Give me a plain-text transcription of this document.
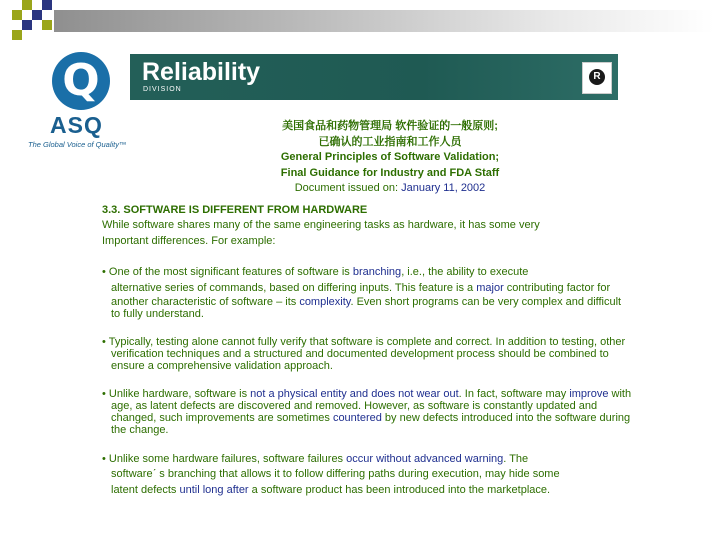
Q
ASQ
The Global Voice of Quality™
Reliability
DIVISION
R
美国食品和药物管理局 软件验证的一般原则;
已确认的工业指南和工作人员
General Principles of Software Validation;
Final Guidance for Industry and FDA Staff
Document issued on: January 11, 2002
3.3. SOFTWARE IS DIFFERENT FROM HARDWARE
While software shares many of the same engineering tasks as hardware, it has some very
Important differences. For example:
• One of the most significant features of software is branching, i.e., the ability to execute
alternative series of commands, based on differing inputs. This feature is a major contributing factor for
another characteristic of software – its complexity. Even short programs can be very complex and difficult
to fully understand.
• Typically, testing alone cannot fully verify that software is complete and correct. In addition to testing, other
verification techniques and a structured and documented development process should be combined to
ensure a comprehensive validation approach.
• Unlike hardware, software is not a physical entity and does not wear out. In fact, software may improve with
age, as latent defects are discovered and removed. However, as software is constantly updated and
changed, such improvements are sometimes countered by new defects introduced into the software during
the change.
• Unlike some hardware failures, software failures occur without advanced warning. The
softwareˊ s branching that allows it to follow differing paths during execution, may hide some
latent defects until long after a software product has been introduced into the marketplace.
